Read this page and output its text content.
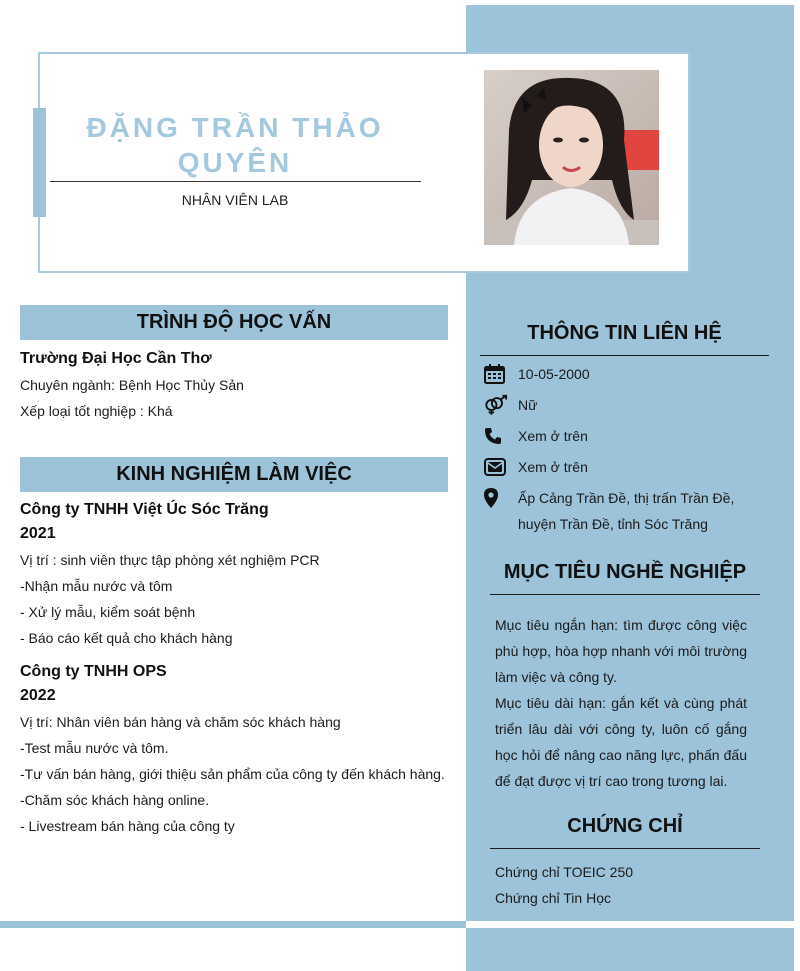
ĐẶNG TRẦN THẢO
QUYÊN
NHÂN VIÊN LAB
TRÌNH ĐỘ HỌC VẤN
Trường Đại Học Cần Thơ
Chuyên ngành: Bệnh Học Thủy Sản
Xếp loại tốt nghiệp : Khá
KINH NGHIỆM LÀM VIỆC
Công ty TNHH Việt Úc Sóc Trăng
2021
Vị trí : sinh viên thực tập phòng xét nghiệm PCR
-Nhận mẫu nước và tôm
- Xử lý mẫu, kiểm soát bệnh
- Báo cáo kết quả cho khách hàng
Công ty TNHH OPS
2022
Vị trí: Nhân viên bán hàng và chăm sóc khách hàng
-Test mẫu nước và tôm.
-Tư vấn bán hàng, giới thiệu sản phẩm của công ty đến khách hàng.
-Chăm sóc khách hàng online.
- Livestream bán hàng của công ty
THÔNG TIN LIÊN HỆ
10-05-2000
Nữ
Xem ở trên
Xem ở trên
Ấp Cảng Trần Đề, thị trấn Trần Đề, huyện Trần Đề, tỉnh Sóc Trăng
MỤC TIÊU NGHỀ NGHIỆP

Mục tiêu ngắn hạn: tìm được công việc phù hợp, hòa hợp nhanh với môi trường làm việc và công ty.

Mục tiêu dài hạn: gắn kết và cùng phát triển lâu dài với công ty, luôn cố gắng học hỏi để nâng cao năng lực, phấn đấu để đạt được vị trí cao trong tương lai.

CHỨNG CHỈ
Chứng chỉ TOEIC 250
Chứng chỉ Tin Học
